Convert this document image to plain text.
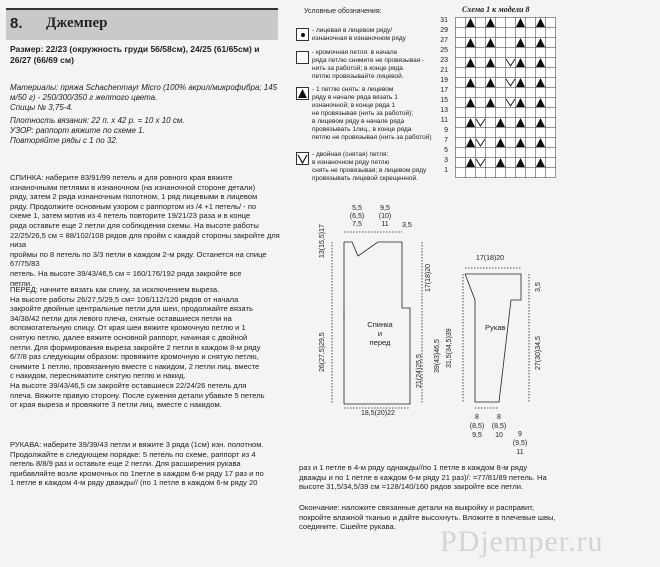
8. Джемпер
Размер: 22/23 (окружность груди 56/58см), 24/25 (61/65см) и
26/27 (66/69 см)
Материалы: пряжа Schachenmayr Micro (100% акрил/микрофибра; 145
м/50 г) - 250/300/350 г желтого цвета.
Спицы № 3,75-4.
Плотность вязания: 22 п. х 42 р. = 10 х 10 см.
УЗОР: раппорт вяжите по схеме 1.
Повторяйте ряды с 1 по 32.
СПИНКА: наберите 83/91/99 петель и для ровного края вяжите
изнаночными петлями в изнаночном (на изнаночной стороне детали)
ряду, затем 2 ряда изнаночным полотном, 1 ряд лицевыми в лицевом
ряду. Продолжите основным узором с раппортом из /4 +1 петель/ - по
схеме 1, затем мотив из 4 петель повторите 19/21/23 раза и в конце
ряда оставьте еще 2 петли для соблюдения схемы. На высоте работы
22/25/26,5 см = 88/102/108 рядов для пройм с каждой стороны закройте для низа
проймы по 8 петель по 3/3 петли в каждом 2-м ряду. Останется на спице 67/75/83
петель. На высоте 39/43/46,5 см = 160/176/192 ряда закройте все
петли.
ПЕРЕД: начните вязать как спину, за исключением выреза.
На высоте работы 26/27,5/29,5 см= 106/112/120 рядов от начала
закройте двойные центральные петли для шеи, продолжайте вязать
34/38/42 петли для левого плеча, снятые оставшиеся петли на
вспомогательную спицу. От края шеи вяжите кромочную петлю и 1
снятую петлю, далее вяжите основной раппорт, начиная с двойной
петли. Для формирования выреза закройте 2 петли в каждом 8-м ряду
6/7/8 раз следующим образом: провяжите кромочную и снятую петлю,
снимите 1 петлю, провязанную вместе с накидом, 2 петли лиц. вместе
с накидом, пересниматите снятую петлю и накид.
На высоте 39/43/46,5 см закройте оставшиеся 22/24/26 петель для
плеча. Вяжите правую сторону. После сужения детали убавьте 5 петель
от края выреза и провяжите 3 петли лиц. вместе с накидом.
РУКАВА: наберите 39/39/43 петли и вяжите 3 ряда (1см) изн. полотном.
Продолжайте в следующем порядке: 5 петель по схеме, раппорт из 4
петель 8/8/9 раз и оставьте еще 2 петли. Для расширения рукава
прибавляйте возле кромочных по 1петле в каждом 6-м ряду 17 раз и по
1 петле в каждом 4-м ряду дважды// (по 1 петле в каждом 6-м ряду 20
Условные обозначения:
- лицевая в лицевом ряду/
изнаночная в изнаночном ряду
- кромочная петля: в начале
ряда петлю снимите не провязывая -
нить за работой; в конце ряда
петлю провязывайте лицевой.
- 1 петлю снять: в лицевом
ряду в начале ряда вязать 1
изнаночной; в конце ряда 1
не провязывая (нить за работой);
в лицевом ряду в начале ряда
провязывать 1лиц., в конце ряда
петлю не провязывая (нить за работой)
- двойная (снятая) петля:
в изнаночном ряду петлю
снять не провязывая; в лицевом ряду
провязывать лицевой скрещенной.
Схема 1 к модели 8
31
29
27
25
23
21
19
17
15
13
11
9
7
5
3
1
5,5
(6,5)
7,5
9,5
(10)
11	3,5
13(15,5)17
26(27,5)29,5
17(18)20
21(24)25,5 39(43)46,5
Спинка
и
перед
18,5(20)22
17(18)20
3,5
27(30)34,5
31,5(34,5)39
Рукав
8
(8,5)
9,5
8
(8,5)
10	9
(9,5)
11
раз и 1 петле в 4-м ряду однажды//по 1 петле в каждом 8-м ряду
дважды и по 1 петле в каждом 6-м ряду 21 раз)/: =77/81/89 петель. На
высоте 31,5/34,5/39 см =128/140/160 рядов закройте все петли.
PDjemper.ru
Окончание: наложите связанные детали на выкройку и расправит,
покройте влажной тканью и дайте высохнуть. Вложите в плечевые швы,
соедините. Сшейте рукава.
